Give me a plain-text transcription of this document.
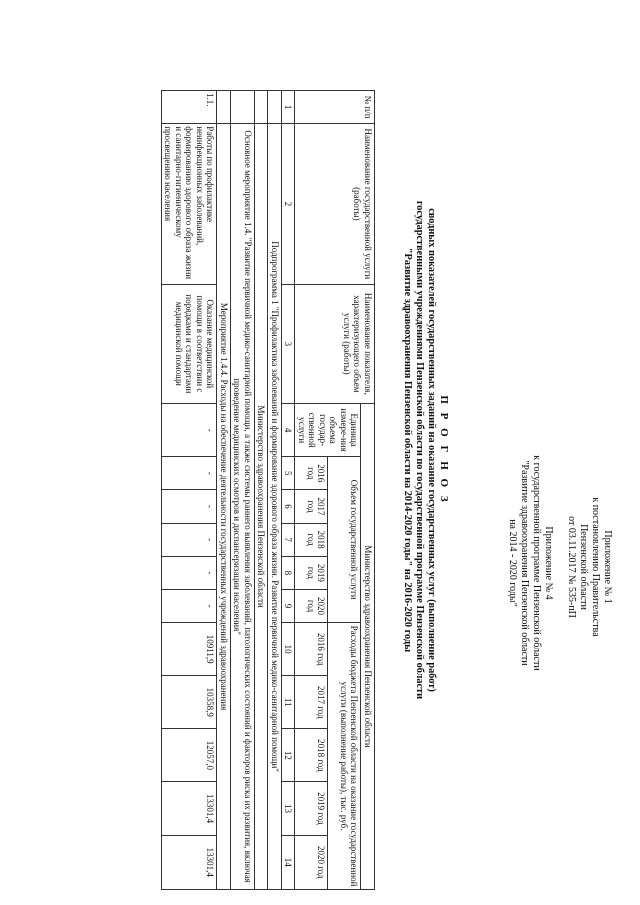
Приложение № 1
к постановлению Правительства
Пензенской области
от 03.11.2017 № 535-пП
Приложение № 4
к государственной программе Пензенской области
"Развитие здравоохранения Пензенской области
на 2014 - 2020 годы"
П Р О Г Н О З
сводных показателей государственных заданий на оказание государственных услуг (выполнение работ)
государственными учреждениями Пензенской области по государственной программе Пензенской области
"Развитие здравоохранения Пензенской области на 2014-2020 годы" на 2016-2020 годы
№ п/п	Наименование государственной услуги (работы)	Наименование показателя, характеризующего объем услуги (работы)	Министерство здравоохранения Пензенской области										
			Единица измере-ния объема государ-ственной услуги	Объем государственной услуги					Расходы бюджета Пензенской области на оказание государственной услуги (выполнение работы), тыс. руб.				
				2016 год	2017 год	2018 год	2019 год	2020 год	2016 год	2017 год	2018 год	2019 год	2020 год
1	2	3	4	5	6	7	8	9	10	11	12	13	14
	Подпрограмма 1 "Профилактика заболеваний и формирование здорового образа жизни. Развитие первичной медико-санитарной помощи"												
	Министерство здравоохранения Пензенской области												
	Основное мероприятие 1.4. "Развитие первичной медико-санитарной помощи, а также системы раннего выявления заболеваний, патологических состояний и факторов риска их развития, включая проведение медицинских осмотров и диспансеризации населения"												
	Мероприятие 1.4.4. Расходы на обеспечение деятельности государственных учреждений здравоохранения												
1.1.	Работы по профилактике неинфекционных заболеваний, формированию здорового образа жизни и санитарно-гигиеническому просвещению населения	Оказание медицинской помощи в соответствии с порядками и стандартами медицинской помощи	-	-	-	-	-	-	10911,9	10358,9	12057,0	13301,4	13301,4
